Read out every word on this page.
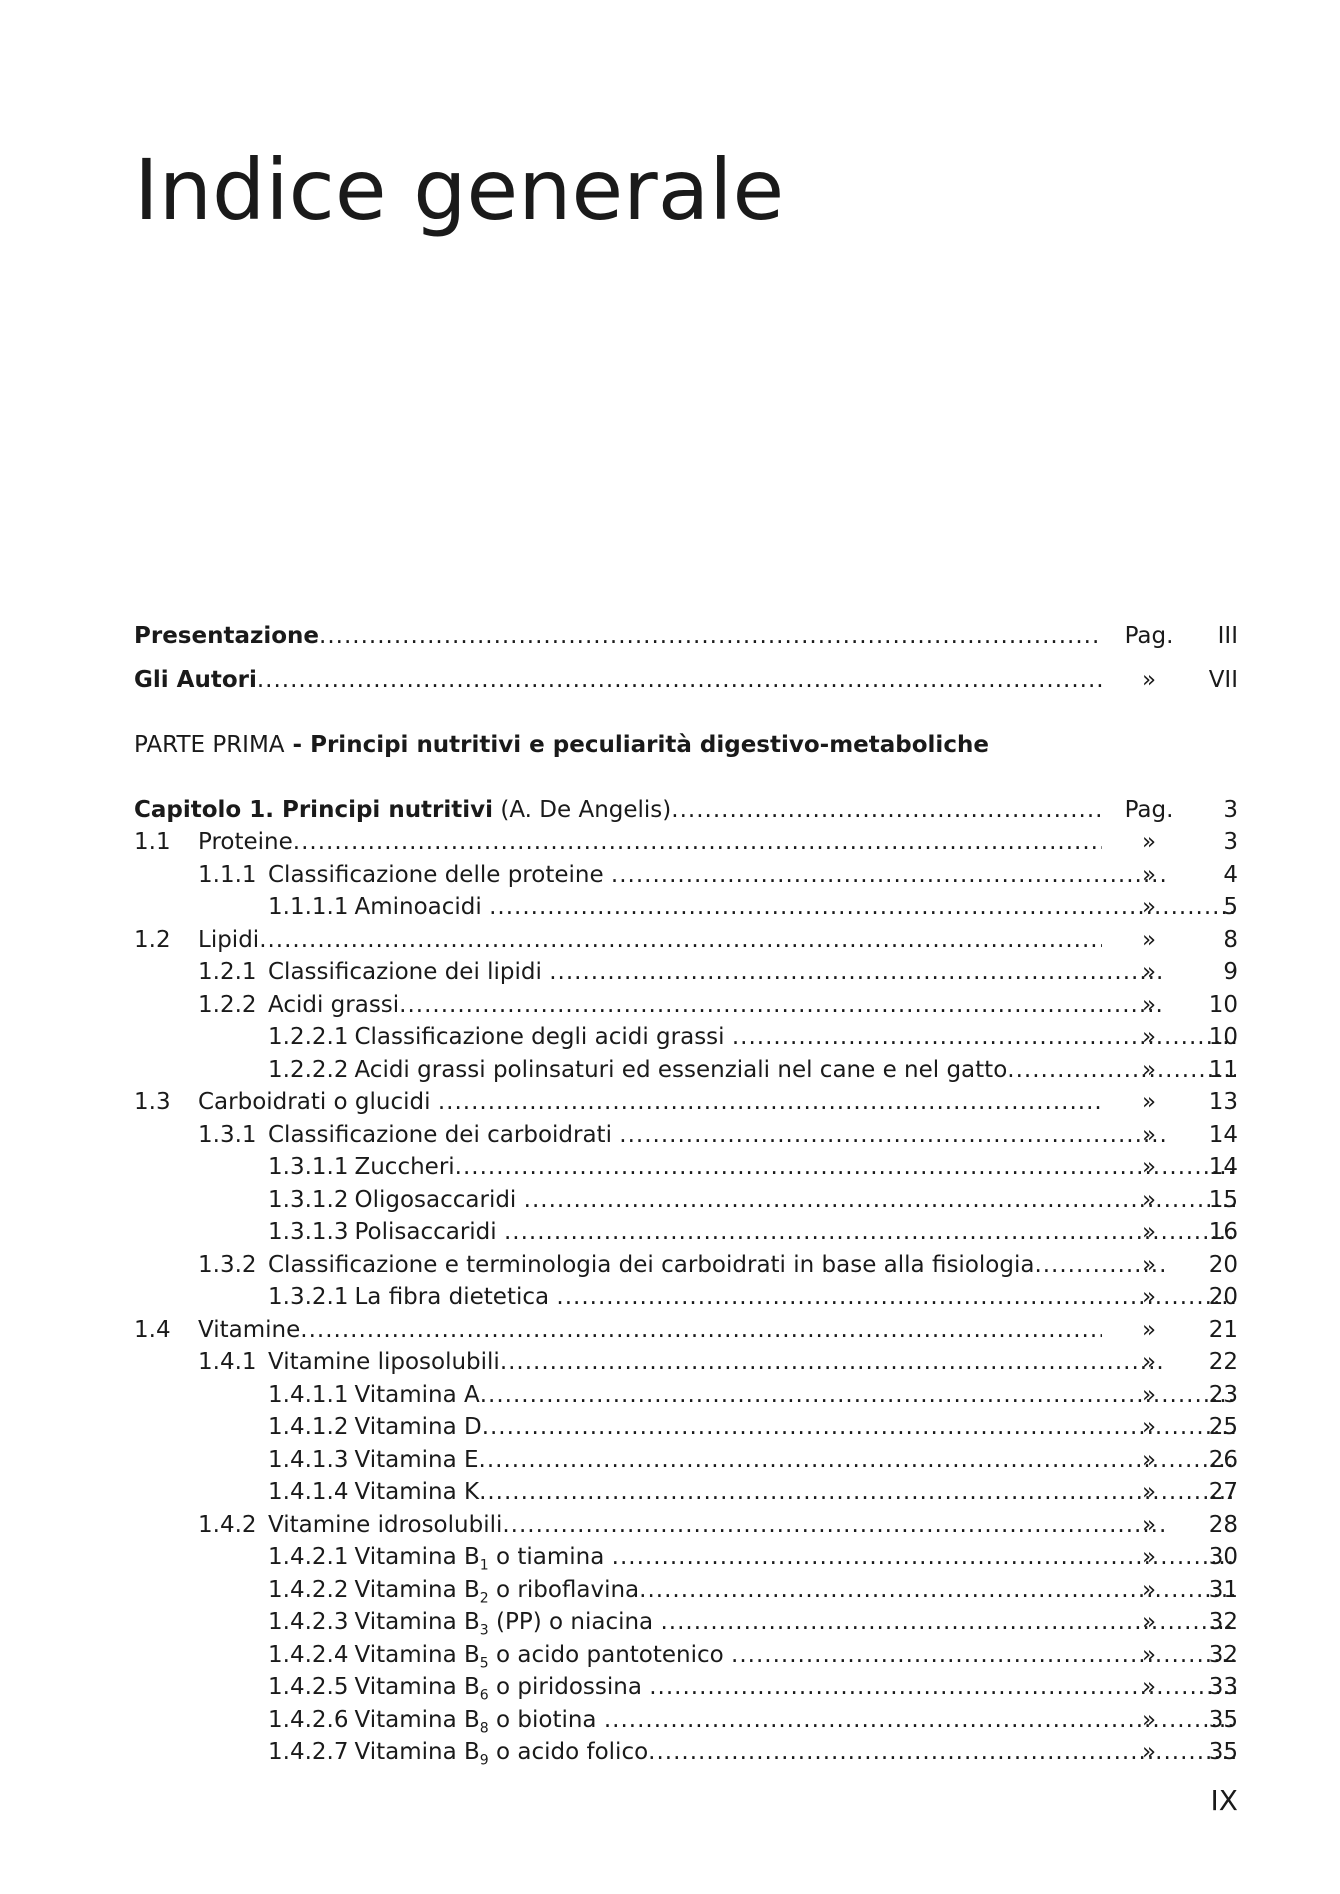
Indice generale
Presentazione .....	Pag.	III
Gli Autori .....	»	VII
PARTE PRIMA - Principi nutritivi e peculiarità digestivo-metaboliche
Capitolo 1. Principi nutritivi (A. De Angelis) .....	Pag.	3
1.1 Proteine .....	»	3
1.1.1 Classificazione delle proteine .....	»	4
1.1.1.1 Aminoacidi .....	»	5
1.2 Lipidi .....	»	8
1.2.1 Classificazione dei lipidi .....	»	9
1.2.2 Acidi grassi .....	»	10
1.2.2.1 Classificazione degli acidi grassi .....	»	10
1.2.2.2 Acidi grassi polinsaturi ed essenziali nel cane e nel gatto .....	»	11
1.3 Carboidrati o glucidi .....	»	13
1.3.1 Classificazione dei carboidrati .....	»	14
1.3.1.1 Zuccheri .....	»	14
1.3.1.2 Oligosaccaridi .....	»	15
1.3.1.3 Polisaccaridi .....	»	16
1.3.2 Classificazione e terminologia dei carboidrati in base alla fisiologia .....	»	20
1.3.2.1 La fibra dietetica .....	»	20
1.4 Vitamine .....	»	21
1.4.1 Vitamine liposolubili .....	»	22
1.4.1.1 Vitamina A .....	»	23
1.4.1.2 Vitamina D .....	»	25
1.4.1.3 Vitamina E .....	»	26
1.4.1.4 Vitamina K .....	»	27
1.4.2 Vitamine idrosolubili .....	»	28
1.4.2.1 Vitamina $B_1$ o tiamina .....	»	30
1.4.2.2 Vitamina $B_2$ o riboflavina .....	»	31
1.4.2.3 Vitamina $B_3$ (PP) o niacina .....	»	32
1.4.2.4 Vitamina $B_5$ o acido pantotenico .....	»	32
1.4.2.5 Vitamina $B_6$ o piridossina .....	»	33
1.4.2.6 Vitamina $B_8$ o biotina .....	»	35
1.4.2.7 Vitamina $B_9$ o acido folico .....	»	35

IX
